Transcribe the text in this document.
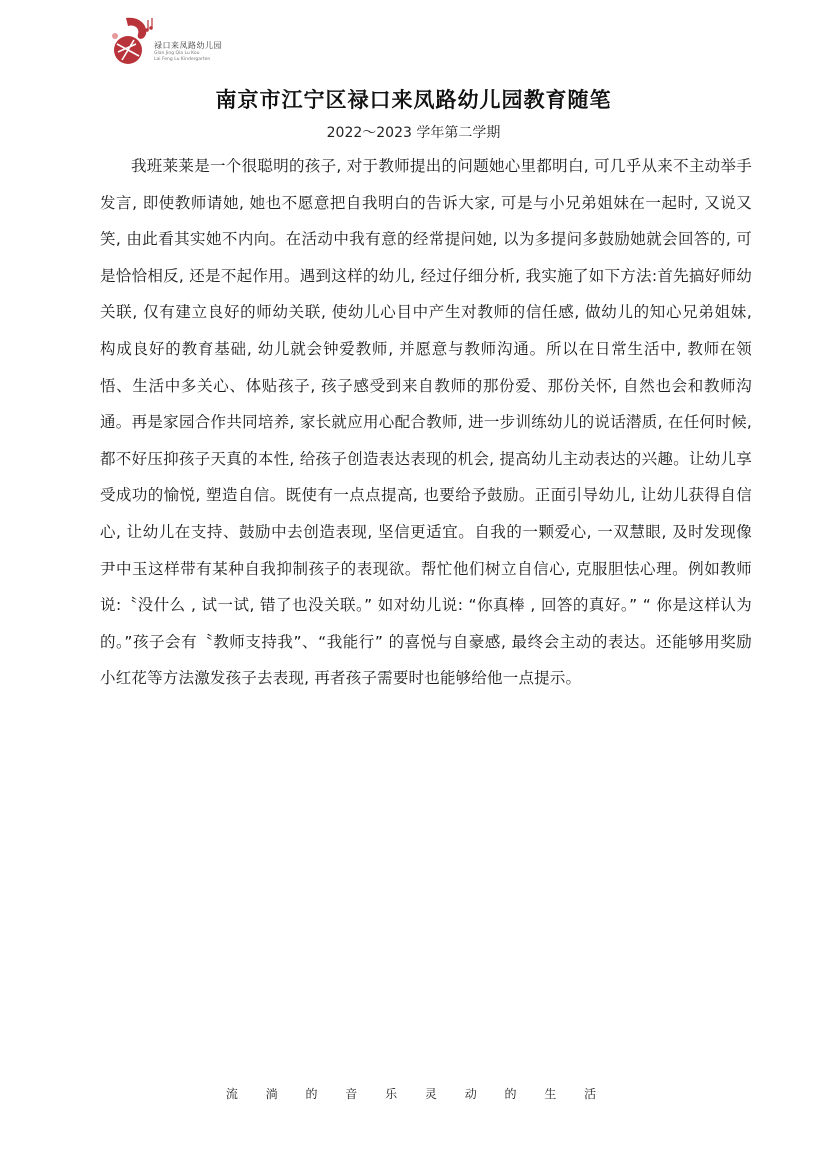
禄口来凤路幼儿园
Glan Jing Qia Lu Kou
Lai Feng Lu Kindergarten
南京市江宁区禄口来凤路幼儿园教育随笔
2022～2023 学年第二学期

我班莱莱是一个很聪明的孩子, 对于教师提出的问题她心里都明白, 可几乎从来不主动举手发言, 即使教师请她, 她也不愿意把自我明白的告诉大家, 可是与小兄弟姐妹在一起时, 又说又笑, 由此看其实她不内向。在活动中我有意的经常提问她, 以为多提问多鼓励她就会回答的, 可是恰恰相反, 还是不起作用。遇到这样的幼儿, 经过仔细分析, 我实施了如下方法:首先搞好师幼关联, 仅有建立良好的师幼关联, 使幼儿心目中产生对教师的信任感, 做幼儿的知心兄弟姐妹, 构成良好的教育基础, 幼儿就会钟爱教师, 并愿意与教师沟通。所以在日常生活中, 教师在领悟、生活中多关心、体贴孩子, 孩子感受到来自教师的那份爱、那份关怀, 自然也会和教师沟通。再是家园合作共同培养, 家长就应用心配合教师, 进一步训练幼儿的说话潜质, 在任何时候, 都不好压抑孩子天真的本性, 给孩子创造表达表现的机会, 提高幼儿主动表达的兴趣。让幼儿享受成功的愉悦, 塑造自信。既使有一点点提高, 也要给予鼓励。正面引导幼儿, 让幼儿获得自信心, 让幼儿在支持、鼓励中去创造表现, 坚信更适宜。自我的一颗爱心, 一双慧眼, 及时发现像尹中玉这样带有某种自我抑制孩子的表现欲。帮忙他们树立自信心, 克服胆怯心理。例如教师说:〝没什么 , 试一试, 错了也没关联。” 如对幼儿说: “你真棒 , 回答的真好。” “ 你是这样认为的。”孩子会有〝教师支持我”、“我能行” 的喜悦与自豪感, 最终会主动的表达。还能够用奖励小红花等方法激发孩子去表现, 再者孩子需要时也能够给他一点提示。

流 淌 的 音 乐 灵 动 的 生 活
